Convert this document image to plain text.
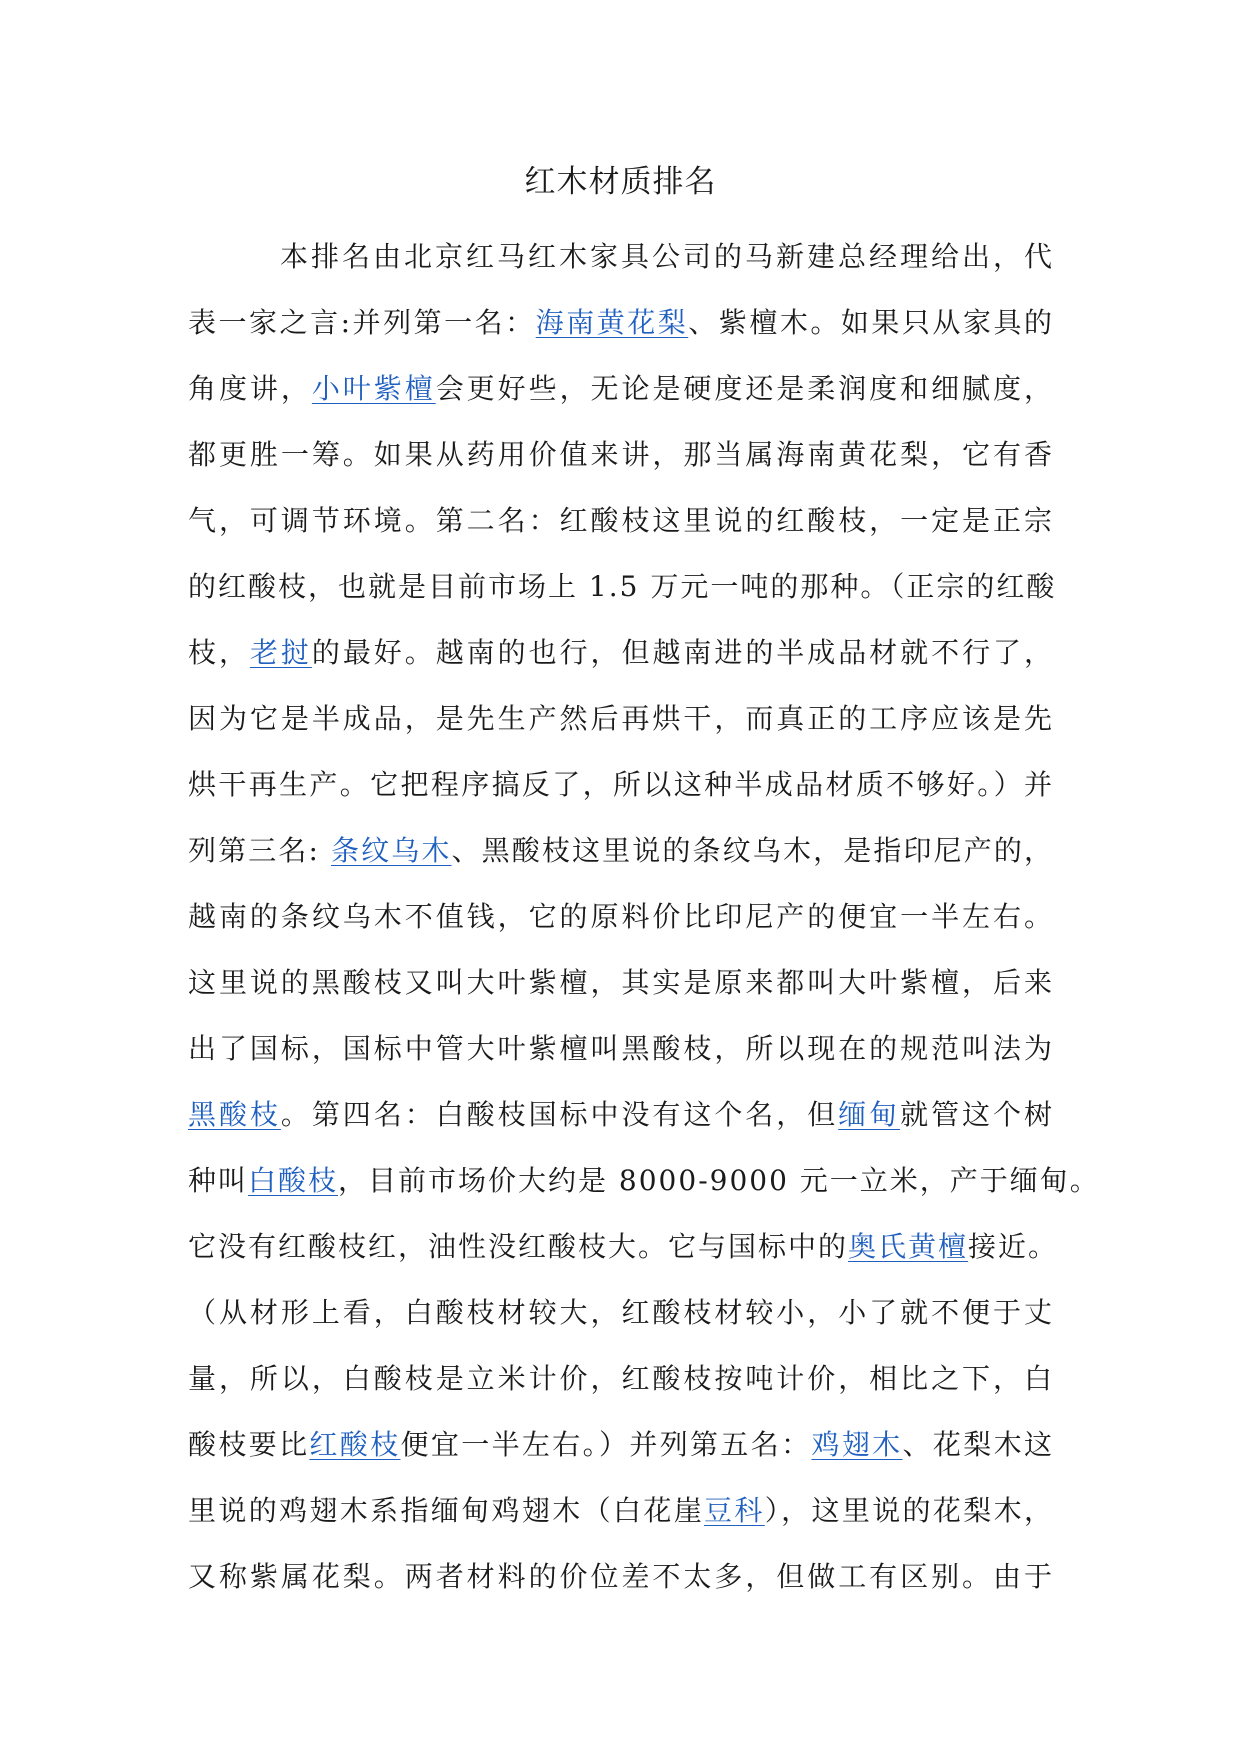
红木材质排名
本排名由北京红马红木家具公司的马新建总经理给出，代
表一家之言:并列第一名：海南黄花梨、紫檀木。如果只从家具的
角度讲，小叶紫檀会更好些，无论是硬度还是柔润度和细腻度，
都更胜一筹。如果从药用价值来讲，那当属海南黄花梨，它有香
气，可调节环境。第二名：红酸枝这里说的红酸枝，一定是正宗
的红酸枝，也就是目前市场上 1.5 万元一吨的那种。（正宗的红酸
枝，老挝的最好。越南的也行，但越南进的半成品材就不行了，
因为它是半成品，是先生产然后再烘干，而真正的工序应该是先
烘干再生产。它把程序搞反了，所以这种半成品材质不够好。）并
列第三名: 条纹乌木、黑酸枝这里说的条纹乌木，是指印尼产的，
越南的条纹乌木不值钱，它的原料价比印尼产的便宜一半左右。
这里说的黑酸枝又叫大叶紫檀，其实是原来都叫大叶紫檀，后来
出了国标，国标中管大叶紫檀叫黑酸枝，所以现在的规范叫法为
黑酸枝。第四名：白酸枝国标中没有这个名，但缅甸就管这个树
种叫白酸枝，目前市场价大约是 8000-9000 元一立米，产于缅甸。
它没有红酸枝红，油性没红酸枝大。它与国标中的奥氏黄檀接近。
（从材形上看，白酸枝材较大，红酸枝材较小，小了就不便于丈
量，所以，白酸枝是立米计价，红酸枝按吨计价，相比之下，白
酸枝要比红酸枝便宜一半左右。）并列第五名：鸡翅木、花梨木这
里说的鸡翅木系指缅甸鸡翅木（白花崖豆科），这里说的花梨木，
又称紫属花梨。两者材料的价位差不太多，但做工有区别。由于
